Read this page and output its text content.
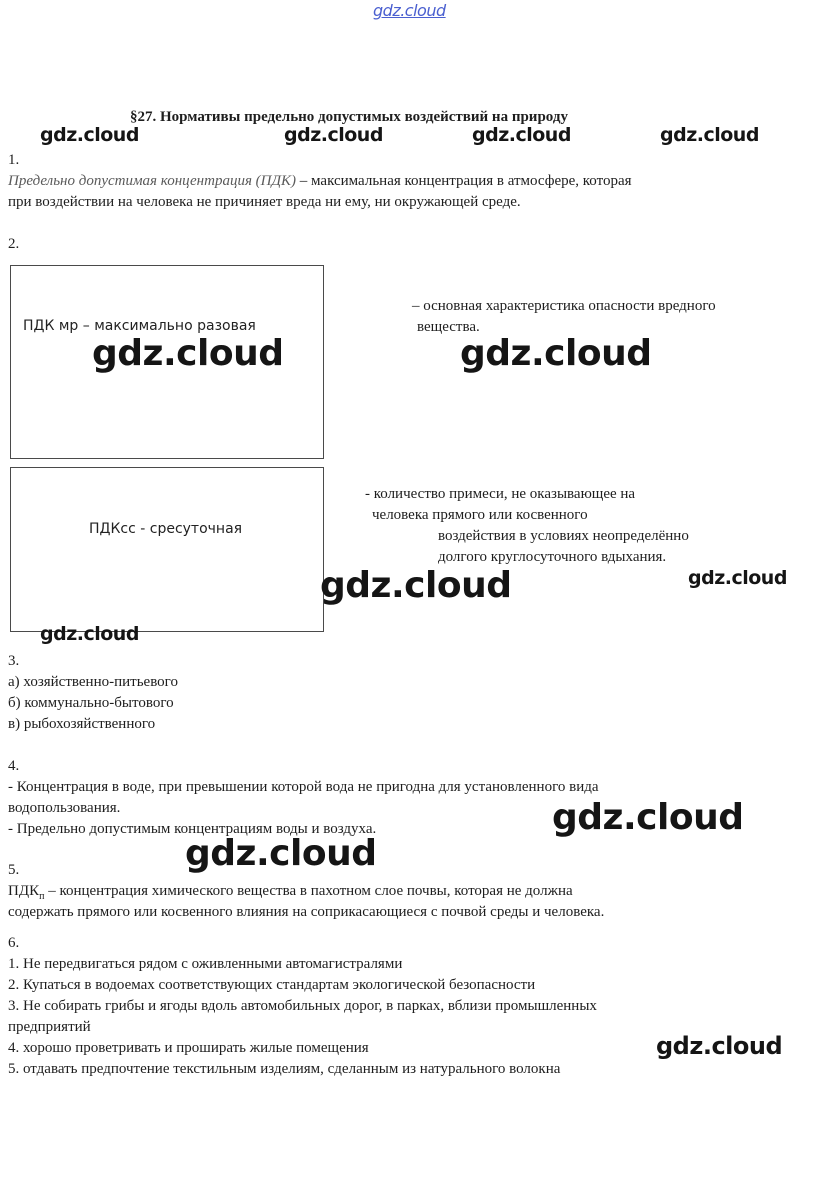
gdz.cloud
gdz.cloud	gdz.cloud	gdz.cloud	gdz.cloud
§27. Нормативы предельно допустимых воздействий на природу
1.
Предельно допустимая концентрация (ПДК) – максимальная концентрация в атмосфере, которая
при воздействии на человека не причиняет вреда ни ему, ни окружающей среде.
2.
ПДК мр – максимально разовая
– основная характеристика опасности вредного
вещества.
ПДКсс - сресуточная
- количество примеси, не оказывающее на
человека прямого или косвенного
воздействия в условиях неопределённо
долгого круглосуточного вдыхания.
gdz.cloud	gdz.cloud
gdz.cloud	gdz.cloud
gdz.cloud
3.
а) хозяйственно-питьевого
б) коммунально-бытового
в) рыбохозяйственного
4.
- Концентрация в воде, при превышении которой вода не пригодна для установленного вида
водопользования.
- Предельно допустимым концентрациям воды и воздуха.	gdz.cloud
gdz.cloud
5.
$ПДК_п$ – концентрация химического вещества в пахотном слое почвы, которая не должна
содержать прямого или косвенного влияния на соприкасающиеся с почвой среды и человека.
6.
1. Не передвигаться рядом с оживленными автомагистралями
2. Купаться в водоемах соответствующих стандартам экологической безопасности
3. Не собирать грибы и ягоды вдоль автомобильных дорог, в парках, вблизи промышленных
предприятий
4. хорошо проветривать и проширать жилые помещения
5. отдавать предпочтение текстильным изделиям, сделанным из натурального волокна
gdz.cloud
